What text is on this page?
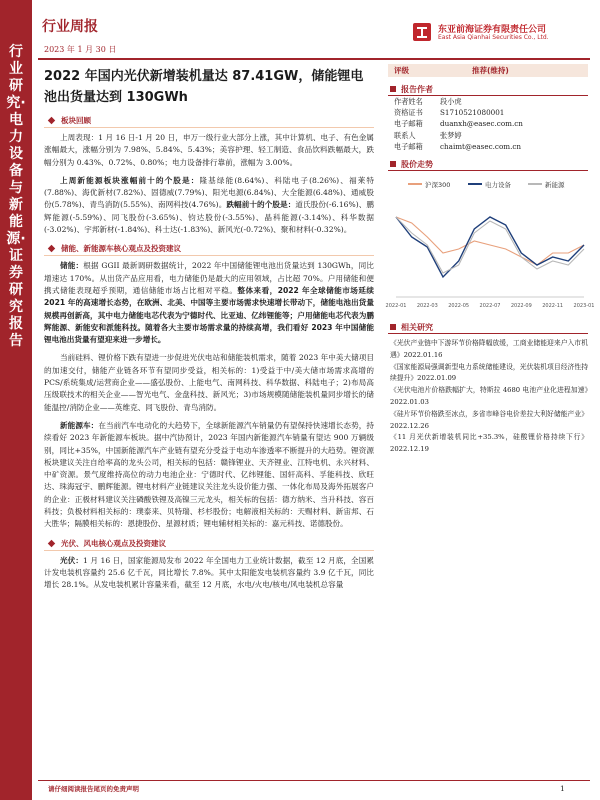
行业研究·电力设备与新能源·证券研究报告
行业周报
2023 年 1 月 30 日
东亚前海证券有限责任公司
East Asia Qianhai Securities Co., Ltd.
2022 年国内光伏新增装机量达 87.41GW，储能锂电池出货量达到 130GWh
板块回顾

上周表现：1 月 16 日-1 月 20 日，申万一级行业大部分上涨，其中计算机、电子、有色金属涨幅最大，涨幅分别为 7.98%、5.84%、5.43%；美容护理、轻工制造、食品饮料跌幅最大，跌幅分别为 0.43%、0.72%、0.80%；电力设备排行靠前，涨幅为 3.00%。

上周新能源板块涨幅前十的个股是：隆基绿能(8.64%)、科陆电子(8.26%)、福莱特(7.88%)、海优新材(7.82%)、固德威(7.79%)、阳光电源(6.84%)、大全能源(6.48%)、通威股份(5.78%)、青鸟消防(5.55%)、南网科技(4.76%)。跌幅前十的个股是：道氏股份(-6.16%)、鹏辉能源(-5.59%)、同飞股份(-3.65%)、钧达股份(-3.55%)、晶科能源(-3.14%)、科华数据(-3.02%)、宇邦新材(-1.84%)、科士达(-1.83%)、新风光(-0.72%)、聚和材料(-0.32%)。

储能、新能源车核心观点及投资建议

储能：根据 GGII 最新调研数据统计，2022 年中国储能锂电池出货量达到 130GWh，同比增速达 170%。从出货产品应用看，电力储能仍是最大的应用领域，占比超 70%。户用储能和便携式储能表现超乎预期，通信储能市场占比相对平稳。整体来看，2022 年全球储能市场延续 2021 年的高速增长态势，在欧洲、北美、中国等主要市场需求快速增长带动下，储能电池出货量规模再创新高，其中电力储能电芯代表为宁德时代、比亚迪、亿纬锂能等；户用储能电芯代表为鹏辉能源、新能安和派能科技。随着各大主要市场需求量的持续高增，我们看好 2023 年中国储能锂电池出货量有望迎来进一步增长。

当前硅料、锂价格下跌有望进一步促进光伏电站和储能装机需求，随着 2023 年中美大储项目的加速交付，储能产业链各环节有望同步受益，相关标的：1)受益于中/美大储市场需求高增的 PCS/系统集成/运营商企业——盛弘股份、上能电气、南网科技、科华数据、科陆电子；2)布局高压级联技术的相关企业——智光电气、金盘科技、新风光；3)市场规模随储能装机量同步增长的储能温控/消防企业——英维克、同飞股份、青鸟消防。

新能源车：在当前汽车电动化的大趋势下，全球新能源汽车销量仍有望保持快速增长态势，持续看好 2023 年新能源车板块。据中汽协预计，2023 年国内新能源汽车销量有望达 900 万辆级别，同比+35%，中国新能源汽车产业链有望充分受益于电动车渗透率不断提升的大趋势。锂资源板块建议关注自给率高的龙头公司，相关标的包括：赣锋锂业、天齐锂业、江特电机、永兴材料、中矿资源。景气度维持高位的动力电池企业：宁德时代、亿纬锂能、国轩高科、孚能科技、欣旺达、珠海冠宇、鹏辉能源。锂电材料产业链建议关注龙头设价能力强、一体化布局及海外拓展客户的企业：正极材料建议关注磷酸铁锂及高镍三元龙头，相关标的包括：德方纳米、当升科技、容百科技；负极材料相关标的：璞泰来、贝特瑞、杉杉股份；电解液相关标的：天赐材料、新宙邦、石大胜华；隔膜相关标的：恩捷股份、星源材质；锂电辅材相关标的：嘉元科技、诺德股份。

光伏、风电核心观点及投资建议

光伏：1 月 16 日，国家能源局发布 2022 年全国电力工业统计数据，截至 12 月底，全国累计发电装机容量约 25.6 亿千瓦，同比增长 7.8%。其中太阳能发电装机容量约 3.9 亿千瓦，同比增长 28.1%。从发电装机累计容量来看，截至 12 月底，水电/火电/核电/风电装机总容量

评级	推荐(维持)
报告作者
作者姓名	段小虎
资格证书	S1710521080001
电子邮箱	duanxh@easec.com.cn
联系人	张梦婷
电子邮箱	chaimt@easec.com.cn
股价走势
沪深300	电力设备	新能源
2022-01 2022-03 2022-05 2022-07 2022-09 2022-11 2023-01
相关研究
《光伏产业链中下游环节价格降幅放缓，工商业储能迎来户入市机遇》2022.01.16
《国家能源局强调新型电力系统储能建设，光伏装机项目经济性持续提升》2022.01.09
《光伏电池片价格跌幅扩大，特斯拉 4680 电池产业化进程加速》2022.01.03
《硅片环节价格跌至冰点，多省市峰谷电价差拉大利好储能产业》2022.12.26
《11 月光伏新增装机同比+35.3%，硅酸锂价格持续下行》2022.12.19
请仔细阅读报告尾页的免责声明	1
